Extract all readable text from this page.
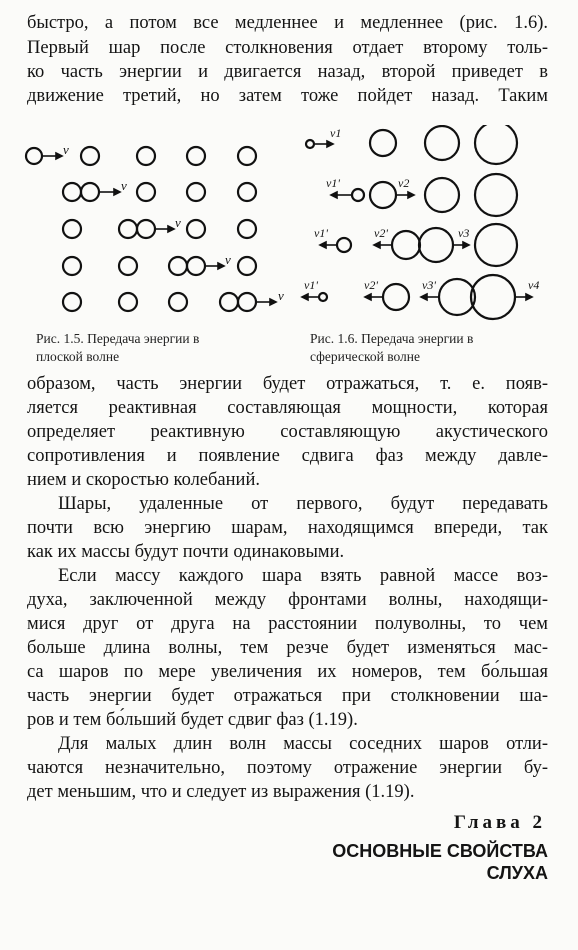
быстро, а потом все медленнее и медленнее (рис. 1.6).
Первый шар после столкновения отдает второму толь-
ко часть энергии и двигается назад, второй приведет в
движение третий, но затем тоже пойдет назад. Таким
v
v
v
v
v
v1
v1'	v2
v1'	v2'	v3
v1'	v2'	v3'	v4
Рис. 1.5. Передача энергии в
плоской волне
Рис. 1.6. Передача энергии в
сферической волне
образом, часть энергии будет отражаться, т. е. появ-
ляется реактивная составляющая мощности, которая
определяет реактивную составляющую акустического
сопротивления и появление сдвига фаз между давле-
нием и скоростью колебаний.
Шары, удаленные от первого, будут передавать
почти всю энергию шарам, находящимся впереди, так
как их массы будут почти одинаковыми.
Если массу каждого шара взять равной массе воз-
духа, заключенной между фронтами волны, находящи-
мися друг от друга на расстоянии полуволны, то чем
больше длина волны, тем резче будет изменяться мас-
са шаров по мере увеличения их номеров, тем бо́льшая
часть энергии будет отражаться при столкновении ша-
ров и тем бо́льший будет сдвиг фаз (1.19).
Для малых длин волн массы соседних шаров отли-
чаются незначительно, поэтому отражение энергии бу-
дет меньшим, что и следует из выражения (1.19).
Глава 2
ОСНОВНЫЕ СВОЙСТВА
СЛУХА
